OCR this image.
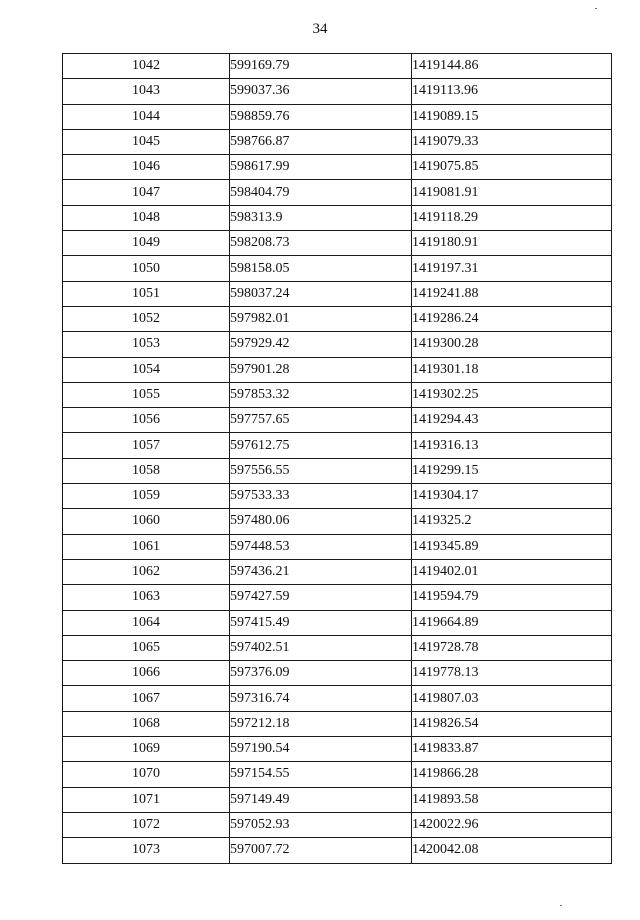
34
1042	599169.79	1419144.86
1043	599037.36	1419113.96
1044	598859.76	1419089.15
1045	598766.87	1419079.33
1046	598617.99	1419075.85
1047	598404.79	1419081.91
1048	598313.9	1419118.29
1049	598208.73	1419180.91
1050	598158.05	1419197.31
1051	598037.24	1419241.88
1052	597982.01	1419286.24
1053	597929.42	1419300.28
1054	597901.28	1419301.18
1055	597853.32	1419302.25
1056	597757.65	1419294.43
1057	597612.75	1419316.13
1058	597556.55	1419299.15
1059	597533.33	1419304.17
1060	597480.06	1419325.2
1061	597448.53	1419345.89
1062	597436.21	1419402.01
1063	597427.59	1419594.79
1064	597415.49	1419664.89
1065	597402.51	1419728.78
1066	597376.09	1419778.13
1067	597316.74	1419807.03
1068	597212.18	1419826.54
1069	597190.54	1419833.87
1070	597154.55	1419866.28
1071	597149.49	1419893.58
1072	597052.93	1420022.96
1073	597007.72	1420042.08
